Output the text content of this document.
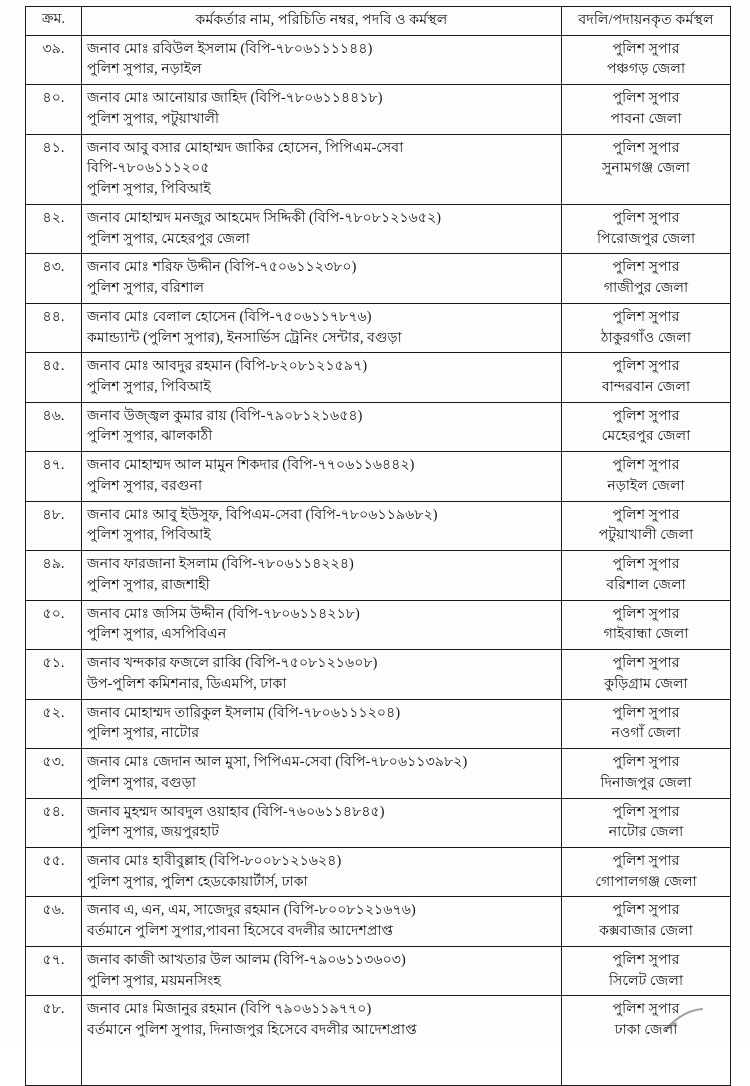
ক্রম.	কর্মকর্তার নাম, পরিচিতি নম্বর, পদবি ও কর্মস্থল	বদলি/পদায়নকৃত কর্মস্থল
৩৯.	জনাব মোঃ রবিউল ইসলাম (বিপি-৭৮০৬১১১১৪৪)
পুলিশ সুপার, নড়াইল	পুলিশ সুপার
পঞ্চগড় জেলা

৪০.	জনাব মোঃ আনোয়ার জাহিদ (বিপি-৭৮০৬১১৪৪১৮)
পুলিশ সুপার, পটুয়াখালী	পুলিশ সুপার
পাবনা জেলা

৪১.	জনাব আবু বসার মোহাম্মদ জাকির হোসেন, পিপিএম-সেবা
বিপি-৭৮০৬১১১২০৫
পুলিশ সুপার, পিবিআই	পুলিশ সুপার
সুনামগঞ্জ জেলা

৪২.	জনাব মোহাম্মদ মনজুর আহমেদ সিদ্দিকী (বিপি-৭৮০৮১২১৬৫২)
পুলিশ সুপার, মেহেরপুর জেলা	পুলিশ সুপার
পিরোজপুর জেলা

৪৩.	জনাব মোঃ শরিফ উদ্দীন (বিপি-৭৫০৬১১২৩৮০)
পুলিশ সুপার, বরিশাল	পুলিশ সুপার
গাজীপুর জেলা

৪৪.	জনাব মোঃ বেলাল হোসেন (বিপি-৭৫০৬১১৭৮৭৬)
কমান্ড্যান্ট (পুলিশ সুপার), ইনসার্ভিস ট্রেনিং সেন্টার, বগুড়া	পুলিশ সুপার
ঠাকুরগাঁও জেলা

৪৫.	জনাব মোঃ আবদুর রহমান (বিপি-৮২০৮১২১৫৯৭)
পুলিশ সুপার, পিবিআই	পুলিশ সুপার
বান্দরবান জেলা

৪৬.	জনাব উজ্জ্বল কুমার রায় (বিপি-৭৯০৮১২১৬৫৪)
পুলিশ সুপার, ঝালকাঠী	পুলিশ সুপার
মেহেরপুর জেলা

৪৭.	জনাব মোহাম্মদ আল মামুন শিকদার (বিপি-৭৭০৬১১৬৪৪২)
পুলিশ সুপার, বরগুনা	পুলিশ সুপার
নড়াইল জেলা

৪৮.	জনাব মোঃ আবু ইউসুফ, বিপিএম-সেবা (বিপি-৭৮০৬১১৯৬৮২)
পুলিশ সুপার, পিবিআই	পুলিশ সুপার
পটুয়াখালী জেলা

৪৯.	জনাব ফারজানা ইসলাম (বিপি-৭৮০৬১১৪২২৪)
পুলিশ সুপার, রাজশাহী	পুলিশ সুপার
বরিশাল জেলা

৫০.	জনাব মোঃ জসিম উদ্দীন (বিপি-৭৮০৬১১৪২১৮)
পুলিশ সুপার, এসপিবিএন	পুলিশ সুপার
গাইবান্ধা জেলা

৫১.	জনাব খন্দকার ফজলে রাব্বি (বিপি-৭৫০৮১২১৬০৮)
উপ-পুলিশ কমিশনার, ডিএমপি, ঢাকা	পুলিশ সুপার
কুড়িগ্রাম জেলা

৫২.	জনাব মোহাম্মদ তারিকুল ইসলাম (বিপি-৭৮০৬১১১২০৪)
পুলিশ সুপার, নাটোর	পুলিশ সুপার
নওগাঁ জেলা

৫৩.	জনাব মোঃ জেদান আল মুসা, পিপিএম-সেবা (বিপি-৭৮০৬১১৩৯৮২)
পুলিশ সুপার, বগুড়া	পুলিশ সুপার
দিনাজপুর জেলা

৫৪.	জনাব মুহম্মদ আবদুল ওয়াহাব (বিপি-৭৬০৬১১৪৮৪৫)
পুলিশ সুপার, জয়পুরহাট	পুলিশ সুপার
নাটোর জেলা

৫৫.	জনাব মোঃ হাবীবুল্লাহ (বিপি-৮০০৮১২১৬২৪)
পুলিশ সুপার, পুলিশ হেডকোয়ার্টার্স, ঢাকা	পুলিশ সুপার
গোপালগঞ্জ জেলা

৫৬.	জনাব এ, এন, এম, সাজেদুর রহমান (বিপি-৮০০৮১২১৬৭৬)
বর্তমানে পুলিশ সুপার,পাবনা হিসেবে বদলীর আদেশপ্রাপ্ত	পুলিশ সুপার
কক্সবাজার জেলা

৫৭.	জনাব কাজী আখতার উল আলম (বিপি-৭৯০৬১১৩৬০৩)
পুলিশ সুপার, ময়মনসিংহ	পুলিশ সুপার
সিলেট জেলা

৫৮.	জনাব মোঃ মিজানুর রহমান (বিপি ৭৯০৬১১৯৭৭০)
বর্তমানে পুলিশ সুপার, দিনাজপুর হিসেবে বদলীর আদেশপ্রাপ্ত	পুলিশ সুপার
ঢাকা জেলা
